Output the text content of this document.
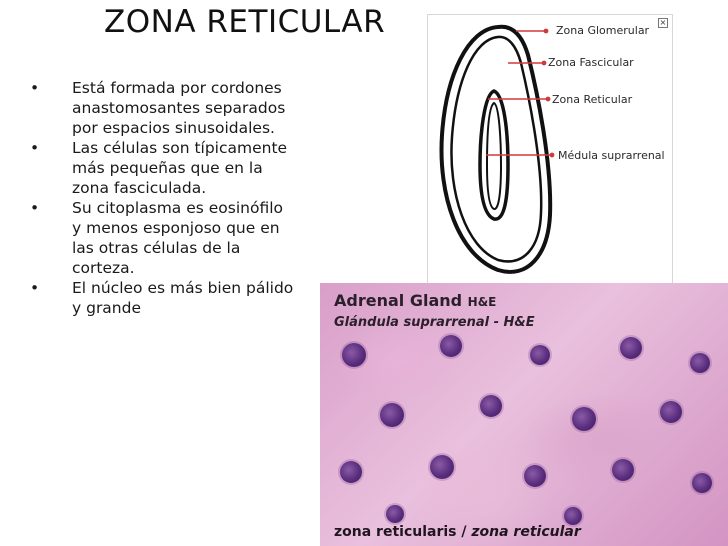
ZONA RETICULAR
• Está formada por cordones anastomosantes separados por espacios sinusoidales.
• Las células son típicamente más pequeñas que en la zona fasciculada.
• Su citoplasma es eosinófilo y menos esponjoso que en las otras células de la corteza.
• El núcleo es más bien pálido y grande
×
Zona Glomerular
Zona Fascicular
Zona Reticular
Médula suprarrenal
Adrenal Gland H&E
Glándula suprarrenal - H&E
zona reticularis / zona reticular
